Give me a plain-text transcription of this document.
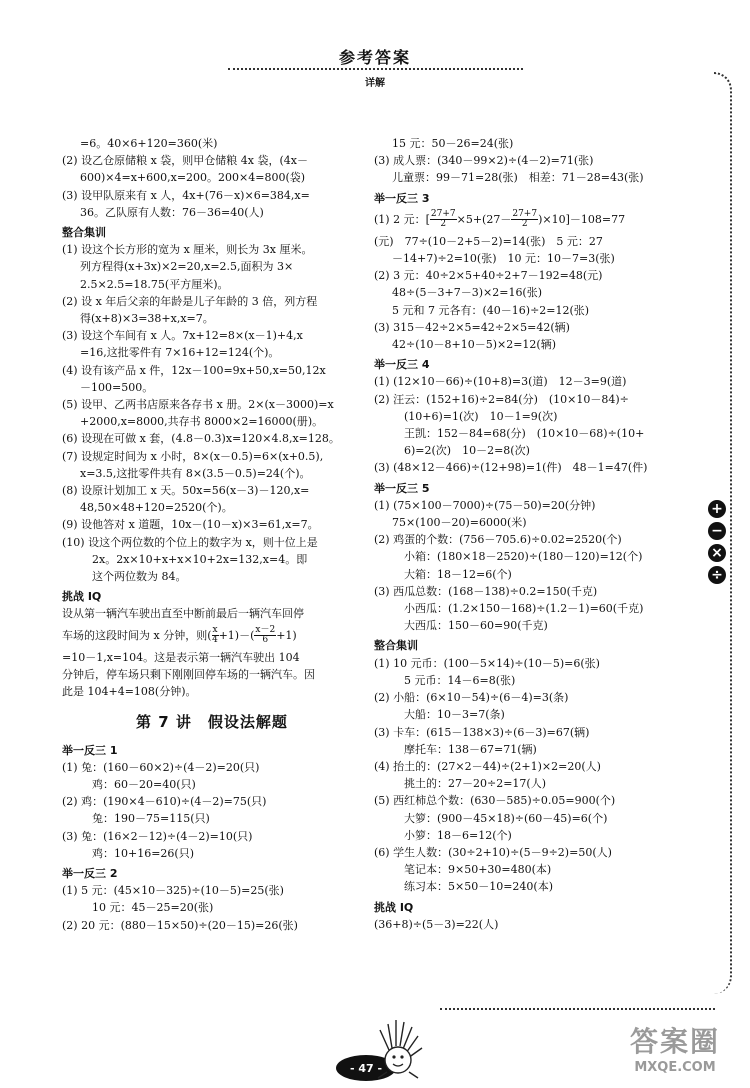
参考答案
详解
=6。40×6+120=360(米)
(2) 设乙仓原储粮 x 袋，则甲仓储粮 4x 袋，(4x－
600)×4=x+600,x=200。200×4=800(袋)
(3) 设甲队原来有 x 人，4x+(76－x)×6=384,x=
36。乙队原有人数：76－36=40(人)
整合集训
(1) 设这个长方形的宽为 x 厘米，则长为 3x 厘米。
列方程得(x+3x)×2=20,x=2.5,面积为 3×
2.5×2.5=18.75(平方厘米)。
(2) 设 x 年后父亲的年龄是儿子年龄的 3 倍，列方程
得(x+8)×3=38+x,x=7。
(3) 设这个车间有 x 人。7x+12=8×(x－1)+4,x
=16,这批零件有 7×16+12=124(个)。
(4) 设有该产品 x 件，12x－100=9x+50,x=50,12x
－100=500。
(5) 设甲、乙两书店原来各存书 x 册。2×(x－3000)=x
+2000,x=8000,共存书 8000×2=16000(册)。
(6) 设现在可做 x 套，(4.8－0.3)x=120×4.8,x=128。
(7) 设规定时间为 x 小时，8×(x－0.5)=6×(x+0.5),
x=3.5,这批零件共有 8×(3.5－0.5)=24(个)。
(8) 设原计划加工 x 天。50x=56(x－3)－120,x=
48,50×48+120=2520(个)。
(9) 设他答对 x 道题，10x－(10－x)×3=61,x=7。
(10) 设这个两位数的个位上的数字为 x，则十位上是
2x。2x×10+x+x×10+2x=132,x=4。即
这个两位数为 84。
挑战 IQ
设从第一辆汽车驶出直至中断前最后一辆汽车回停
车场的这段时间为 x 分钟，则( $\frac{x}{4} +1)-( \frac{x-2}{6} +1)$
=10－1,x=104。这是表示第一辆汽车驶出 104
分钟后，停车场只剩下刚刚回停车场的一辆汽车。因
此是 104+4=108(分钟)。
第 7 讲　假设法解题
举一反三 1
(1) 兔：(160－60×2)÷(4－2)=20(只)
鸡：60－20=40(只)
(2) 鸡：(190×4－610)÷(4－2)=75(只)
兔：190－75=115(只)
(3) 兔：(16×2－12)÷(4－2)=10(只)
鸡：10+16=26(只)
举一反三 2
(1) 5 元：(45×10－325)÷(10－5)=25(张)
10 元：45－25=20(张)
(2) 20 元：(880－15×50)÷(20－15)=26(张)
15 元：50－26=24(张)
(3) 成人票：(340－99×2)÷(4－2)=71(张)
儿童票：99－71=28(张)　相差：71－28=43(张)
举一反三 3
(1) 2 元：[ $\frac{27+7}{2} \times 5+(27- \frac{27+7}{2} )\times 10]-108=77$
(元)　77÷(10－2+5－2)=14(张)　5 元：27
－14+7)÷2=10(张)　10 元：10－7=3(张)
(2) 3 元：40÷2×5+40÷2+7－192=48(元)
48÷(5－3+7－3)×2=16(张)
5 元和 7 元各有：(40－16)÷2=12(张)
(3) 315－42÷2×5=42÷2×5=42(辆)
42÷(10－8+10－5)×2=12(辆)
举一反三 4
(1) (12×10－66)÷(10+8)=3(道)　12－3=9(道)
(2) 汪云：(152+16)÷2=84(分)　(10×10－84)÷
(10+6)=1(次)　10－1=9(次)
王凯：152－84=68(分)　(10×10－68)÷(10+
6)=2(次)　10－2=8(次)
(3) (48×12－466)÷(12+98)=1(件)　48－1=47(件)
举一反三 5
(1) (75×100－7000)÷(75－50)=20(分钟)
75×(100－20)=6000(米)
(2) 鸡蛋的个数：(756－705.6)÷0.02=2520(个)
小箱：(180×18－2520)÷(180－120)=12(个)
大箱：18－12=6(个)
(3) 西瓜总数：(168－138)÷0.2=150(千克)
小西瓜：(1.2×150－168)÷(1.2－1)=60(千克)
大西瓜：150－60=90(千克)
整合集训
(1) 10 元币：(100－5×14)÷(10－5)=6(张)
5 元币：14－6=8(张)
(2) 小船：(6×10－54)÷(6－4)=3(条)
大船：10－3=7(条)
(3) 卡车：(615－138×3)÷(6－3)=67(辆)
摩托车：138－67=71(辆)
(4) 抬土的：(27×2－44)÷(2+1)×2=20(人)
挑土的：27－20÷2=17(人)
(5) 西红柿总个数：(630－585)÷0.05=900(个)
大箩：(900－45×18)÷(60－45)=6(个)
小箩：18－6=12(个)
(6) 学生人数：(30÷2+10)÷(5－9÷2)=50(人)
笔记本：9×50+30=480(本)
练习本：5×50－10=240(本)
挑战 IQ
(36+8)÷(5－3)=22(人)
+
−
×
÷
- 47 -
答案圈
MXQE.COM
